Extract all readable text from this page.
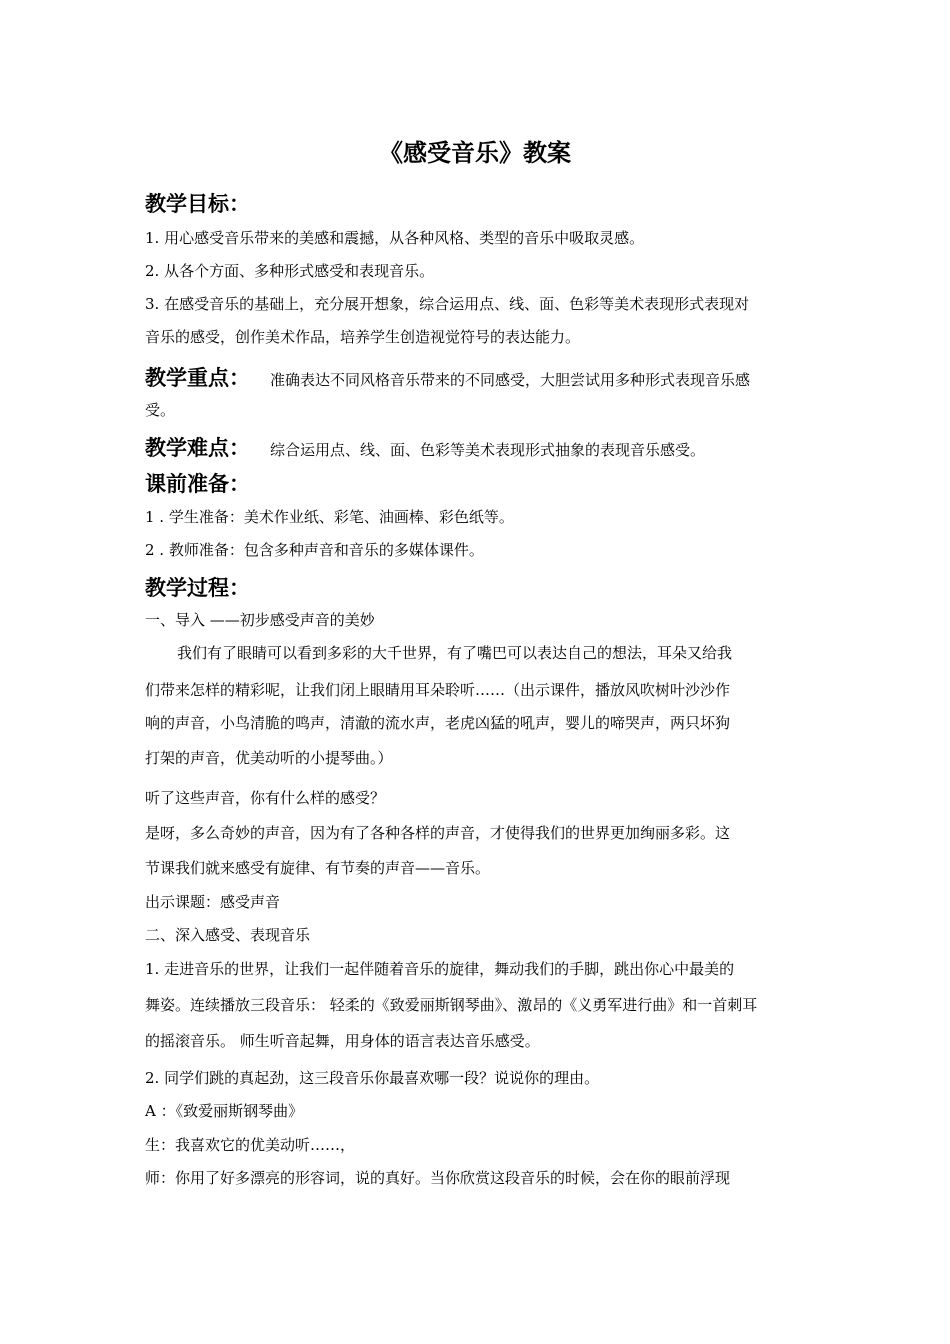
《感受音乐》教案
教学目标：
1. 用心感受音乐带来的美感和震撼，从各种风格、类型的音乐中吸取灵感。
2. 从各个方面、多种形式感受和表现音乐。
3. 在感受音乐的基础上，充分展开想象，综合运用点、线、面、色彩等美术表现形式表现对
音乐的感受，创作美术作品，培养学生创造视觉符号的表达能力。
教学重点： 准确表达不同风格音乐带来的不同感受，大胆尝试用多种形式表现音乐感
受。
教学难点： 综合运用点、线、面、色彩等美术表现形式抽象的表现音乐感受。
课前准备：
1 . 学生准备：美术作业纸、彩笔、油画棒、彩色纸等。
2 . 教师准备：包含多种声音和音乐的多媒体课件。
教学过程：
一、导入 ——初步感受声音的美妙
我们有了眼睛可以看到多彩的大千世界，有了嘴巴可以表达自己的想法，耳朵又给我
们带来怎样的精彩呢，让我们闭上眼睛用耳朵聆听……（出示课件，播放风吹树叶沙沙作
响的声音，小鸟清脆的鸣声，清澈的流水声，老虎凶猛的吼声，婴儿的啼哭声，两只坏狗
打架的声音，优美动听的小提琴曲。）
听了这些声音，你有什么样的感受？
是呀，多么奇妙的声音，因为有了各种各样的声音，才使得我们的世界更加绚丽多彩。这
节课我们就来感受有旋律、有节奏的声音——音乐。
出示课题：感受声音
二、深入感受、表现音乐
1. 走进音乐的世界，让我们一起伴随着音乐的旋律，舞动我们的手脚，跳出你心中最美的
舞姿。连续播放三段音乐： 轻柔的《致爱丽斯钢琴曲》、激昂的《义勇军进行曲》和一首刺耳
的摇滚音乐。 师生听音起舞，用身体的语言表达音乐感受。
2. 同学们跳的真起劲，这三段音乐你最喜欢哪一段？说说你的理由。
A ：《致爱丽斯钢琴曲》
生：我喜欢它的优美动听……，
师：你用了好多漂亮的形容词，说的真好。当你欣赏这段音乐的时候，会在你的眼前浮现
